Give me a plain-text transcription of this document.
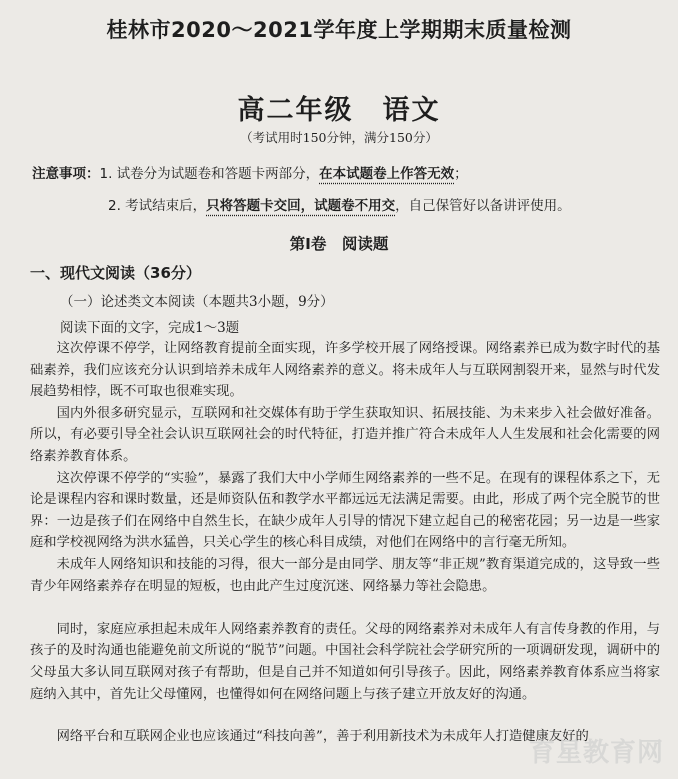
桂林市2020～2021学年度上学期期末质量检测
高二年级　语文
（考试用时150分钟，满分150分）
注意事项：1. 试卷分为试题卷和答题卡两部分，在本试题卷上作答无效；
2. 考试结束后，只将答题卡交回，试题卷不用交，自己保管好以备讲评使用。
第Ⅰ卷　阅读题
一、现代文阅读（36分）
（一）论述类文本阅读（本题共3小题，9分）
阅读下面的文字，完成1～3题

这次停课不停学，让网络教育提前全面实现，许多学校开展了网络授课。网络素养已成为数字时代的基础素养，我们应该充分认识到培养未成年人网络素养的意义。将未成年人与互联网割裂开来，显然与时代发展趋势相悖，既不可取也很难实现。

国内外很多研究显示，互联网和社交媒体有助于学生获取知识、拓展技能、为未来步入社会做好准备。所以，有必要引导全社会认识互联网社会的时代特征，打造并推广符合未成年人人生发展和社会化需要的网络素养教育体系。

这次停课不停学的“实验”，暴露了我们大中小学师生网络素养的一些不足。在现有的课程体系之下，无论是课程内容和课时数量，还是师资队伍和教学水平都远远无法满足需要。由此，形成了两个完全脱节的世界：一边是孩子们在网络中自然生长，在缺少成年人引导的情况下建立起自己的秘密花园；另一边是一些家庭和学校视网络为洪水猛兽，只关心学生的核心科目成绩，对他们在网络中的言行毫无所知。

未成年人网络知识和技能的习得，很大一部分是由同学、朋友等“非正规”教育渠道完成的，这导致一些青少年网络素养存在明显的短板，也由此产生过度沉迷、网络暴力等社会隐患。

同时，家庭应承担起未成年人网络素养教育的责任。父母的网络素养对未成年人有言传身教的作用，与孩子的及时沟通也能避免前文所说的“脱节”问题。中国社会科学院社会学研究所的一项调研发现，调研中的父母虽大多认同互联网对孩子有帮助，但是自己并不知道如何引导孩子。因此，网络素养教育体系应当将家庭纳入其中，首先让父母懂网，也懂得如何在网络问题上与孩子建立开放友好的沟通。

网络平台和互联网企业也应该通过“科技向善”，善于利用新技术为未成年人打造健康友好的

育星教育网
